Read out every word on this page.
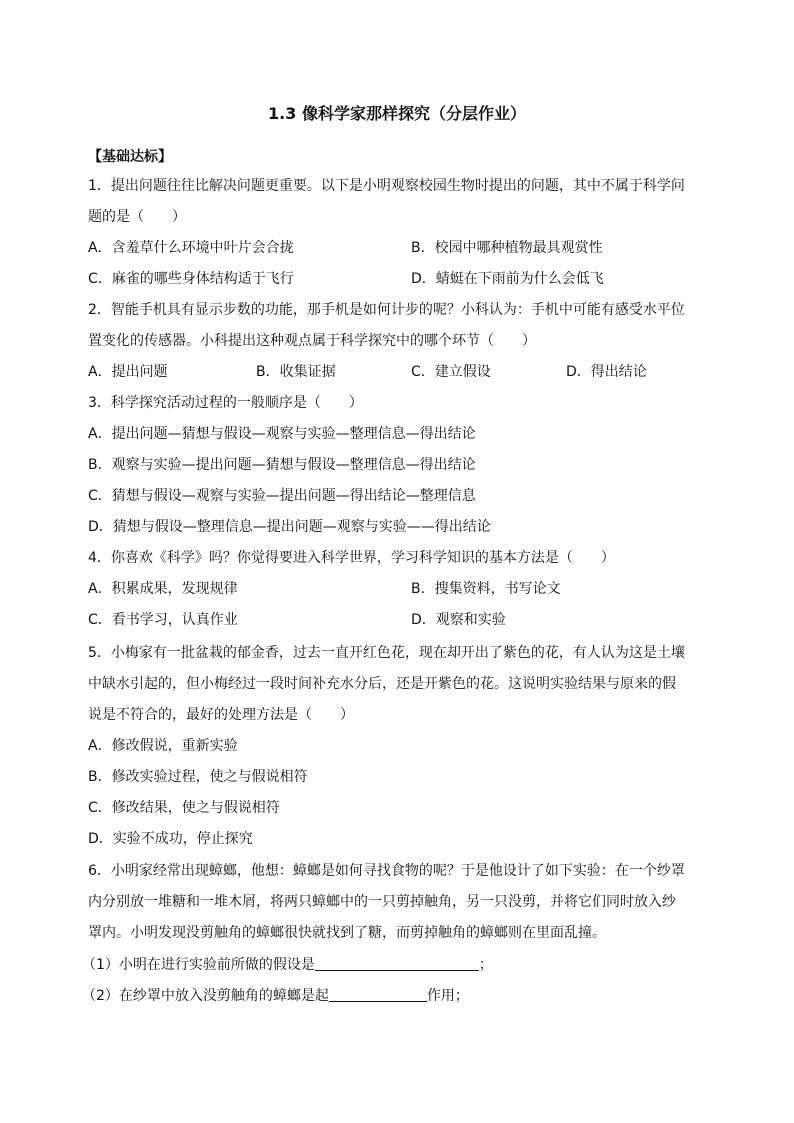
1.3 像科学家那样探究（分层作业）
【基础达标】
1．提出问题往往比解决问题更重要。以下是小明观察校园生物时提出的问题，其中不属于科学问
题的是（　　）
A．含羞草什么环境中叶片会合拢	B．校园中哪种植物最具观赏性
C．麻雀的哪些身体结构适于飞行	D．蜻蜓在下雨前为什么会低飞
2．智能手机具有显示步数的功能，那手机是如何计步的呢？小科认为：手机中可能有感受水平位
置变化的传感器。小科提出这种观点属于科学探究中的哪个环节（　　）
A．提出问题	B．收集证据	C．建立假设	D．得出结论
3．科学探究活动过程的一般顺序是（　　）
A．提出问题—猜想与假设—观察与实验—整理信息—得出结论
B．观察与实验—提出问题—猜想与假设—整理信息—得出结论
C．猜想与假设—观察与实验—提出问题—得出结论—整理信息
D．猜想与假设—整理信息—提出问题—观察与实验——得出结论
4．你喜欢《科学》吗？你觉得要进入科学世界，学习科学知识的基本方法是（　　）
A．积累成果，发现规律	B．搜集资料，书写论文
C．看书学习，认真作业	D．观察和实验
5．小梅家有一批盆栽的郁金香，过去一直开红色花，现在却开出了紫色的花，有人认为这是土壤
中缺水引起的，但小梅经过一段时间补充水分后，还是开紫色的花。这说明实验结果与原来的假
说是不符合的，最好的处理方法是（　　）
A．修改假说，重新实验
B．修改实验过程，使之与假说相符
C．修改结果，使之与假说相符
D．实验不成功，停止探究
6．小明家经常出现蟑螂，他想：蟑螂是如何寻找食物的呢？于是他设计了如下实验：在一个纱罩
内分别放一堆糖和一堆木屑，将两只蟑螂中的一只剪掉触角，另一只没剪，并将它们同时放入纱
罩内。小明发现没剪触角的蟑螂很快就找到了糖，而剪掉触角的蟑螂则在里面乱撞。
（1）小明在进行实验前所做的假设是	；
（2）在纱罩中放入没剪触角的蟑螂是起	作用；
